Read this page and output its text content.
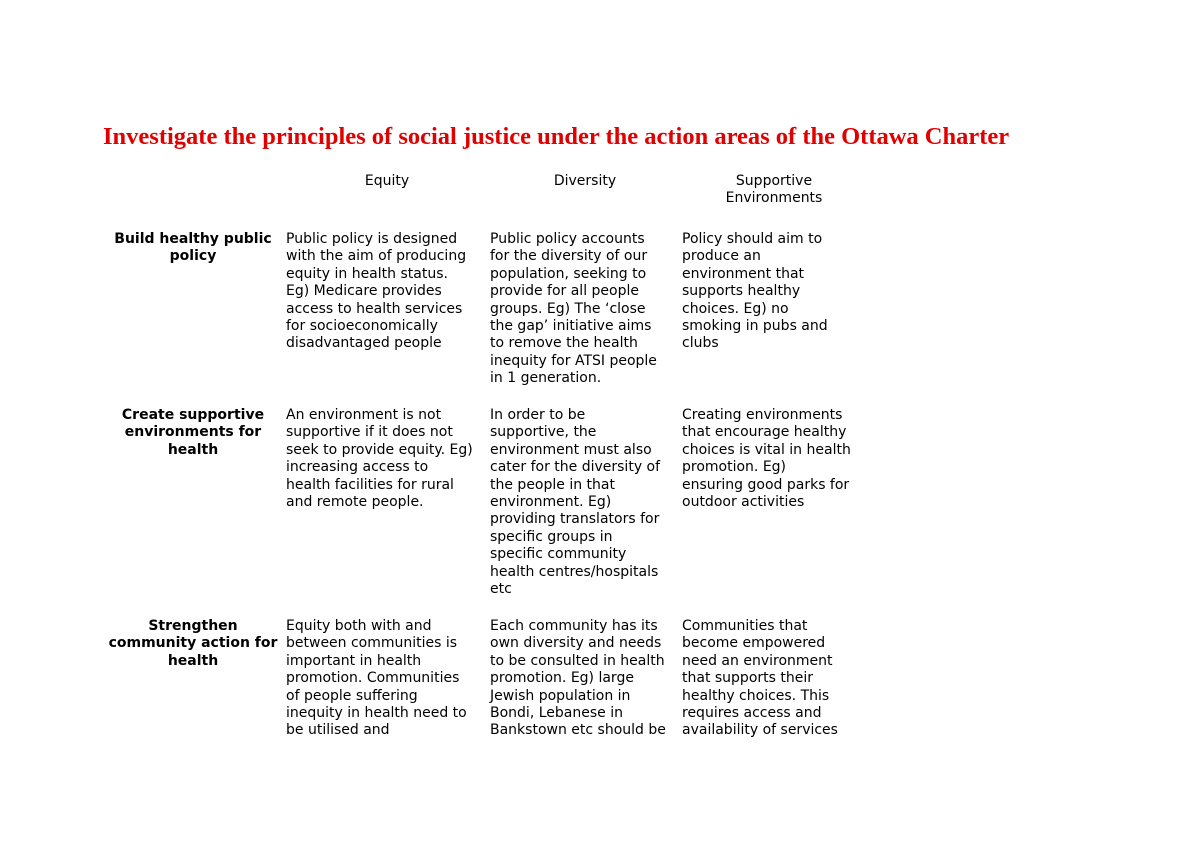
Investigate the principles of social justice under the action areas of the Ottawa Charter
Equity	Diversity	Supportive
Environments
Build healthy public
policy
Public policy is designed
with the aim of producing
equity in health status.
Eg) Medicare provides
access to health services
for socioeconomically
disadvantaged people
Public policy accounts
for the diversity of our
population, seeking to
provide for all people
groups. Eg) The ‘close
the gap’ initiative aims
to remove the health
inequity for ATSI people
in 1 generation.
Policy should aim to
produce an
environment that
supports healthy
choices. Eg) no
smoking in pubs and
clubs
Create supportive
environments for
health
An environment is not
supportive if it does not
seek to provide equity. Eg)
increasing access to
health facilities for rural
and remote people.
In order to be
supportive, the
environment must also
cater for the diversity of
the people in that
environment. Eg)
providing translators for
specific groups in
specific community
health centres/hospitals
etc
Creating environments
that encourage healthy
choices is vital in health
promotion. Eg)
ensuring good parks for
outdoor activities
Strengthen
community action for
health
Equity both with and
between communities is
important in health
promotion. Communities
of people suffering
inequity in health need to
be utilised and
Each community has its
own diversity and needs
to be consulted in health
promotion. Eg) large
Jewish population in
Bondi, Lebanese in
Bankstown etc should be
Communities that
become empowered
need an environment
that supports their
healthy choices. This
requires access and
availability of services
